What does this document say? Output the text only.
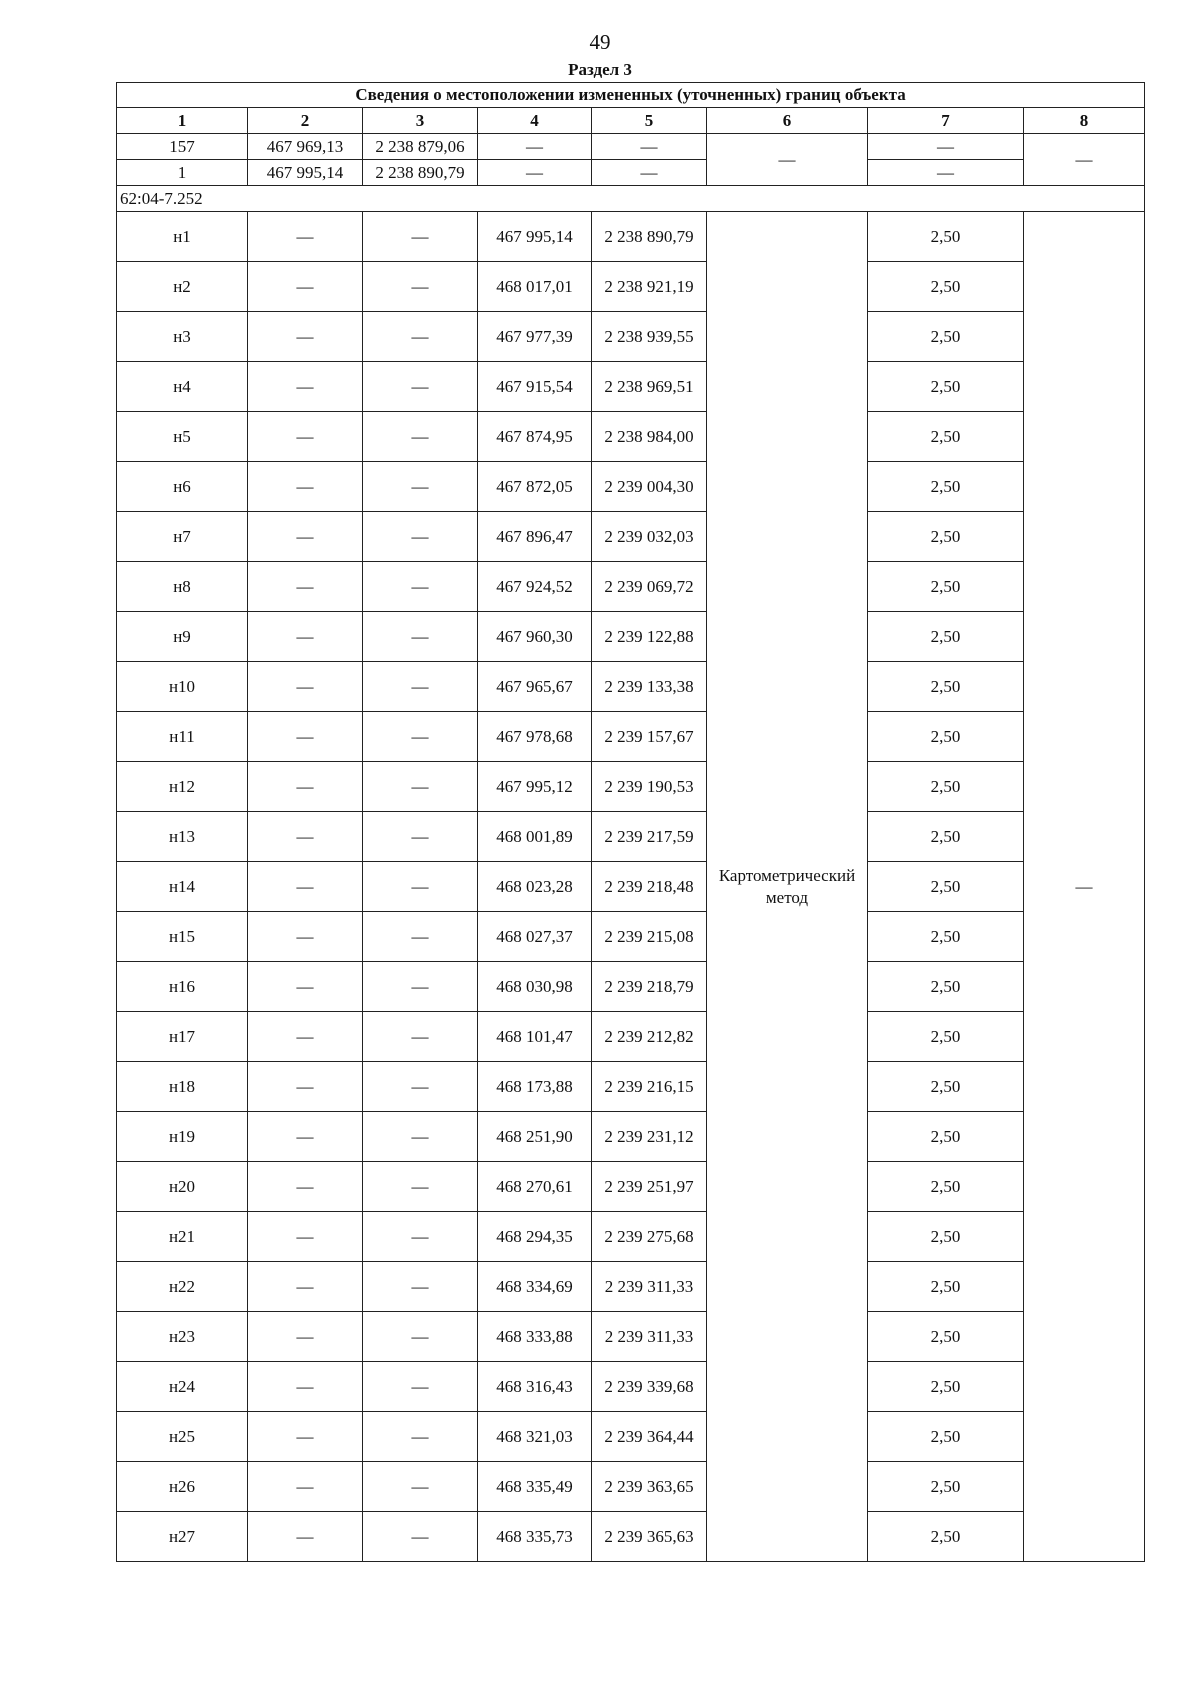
49
Раздел 3
Сведения о местоположении измененных (уточненных) границ объекта							
1	2	3	4	5	6	7	8
157	467 969,13	2 238 879,06	—	—	—	—	—
1	467 995,14	2 238 890,79	—	—		—	
62:04-7.252							
н1	—	—	467 995,14	2 238 890,79	Картометрический метод	2,50	—
н2	—	—	468 017,01	2 238 921,19		2,50	
н3	—	—	467 977,39	2 238 939,55		2,50	
н4	—	—	467 915,54	2 238 969,51		2,50	
н5	—	—	467 874,95	2 238 984,00		2,50	
н6	—	—	467 872,05	2 239 004,30		2,50	
н7	—	—	467 896,47	2 239 032,03		2,50	
н8	—	—	467 924,52	2 239 069,72		2,50	
н9	—	—	467 960,30	2 239 122,88		2,50	
н10	—	—	467 965,67	2 239 133,38		2,50	
н11	—	—	467 978,68	2 239 157,67		2,50	
н12	—	—	467 995,12	2 239 190,53		2,50	
н13	—	—	468 001,89	2 239 217,59		2,50	
н14	—	—	468 023,28	2 239 218,48		2,50	
н15	—	—	468 027,37	2 239 215,08		2,50	
н16	—	—	468 030,98	2 239 218,79		2,50	
н17	—	—	468 101,47	2 239 212,82		2,50	
н18	—	—	468 173,88	2 239 216,15		2,50	
н19	—	—	468 251,90	2 239 231,12		2,50	
н20	—	—	468 270,61	2 239 251,97		2,50	
н21	—	—	468 294,35	2 239 275,68		2,50	
н22	—	—	468 334,69	2 239 311,33		2,50	
н23	—	—	468 333,88	2 239 311,33		2,50	
н24	—	—	468 316,43	2 239 339,68		2,50	
н25	—	—	468 321,03	2 239 364,44		2,50	
н26	—	—	468 335,49	2 239 363,65		2,50	
н27	—	—	468 335,73	2 239 365,63		2,50	
